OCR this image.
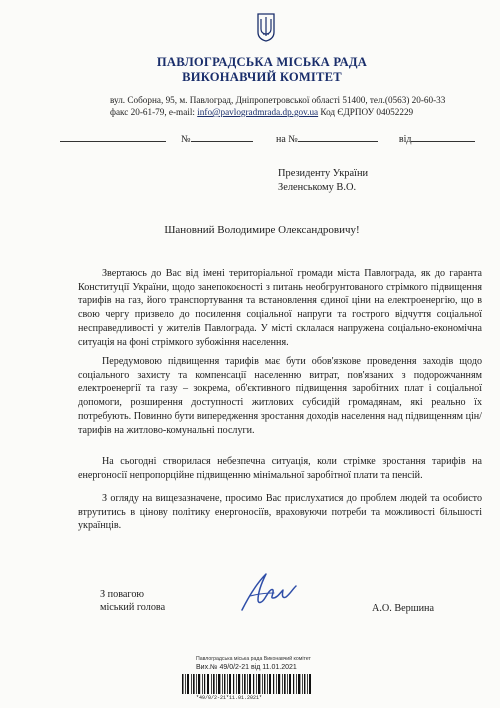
ПАВЛОГРАДСЬКА МІСЬКА РАДА
ВИКОНАВЧИЙ КОМІТЕТ
вул. Соборна, 95, м. Павлоград, Дніпропетровської області 51400, тел.(0563) 20-60-33
факс 20-61-79, e-mail: info@pavlogradmrada.dp.gov.ua Код ЄДРПОУ 04052229
№	на №	від
Президенту України
Зеленському В.О.
Шановний Володимире Олександровичу!

Звертаюсь до Вас від імені територіальної громади міста Павлограда, як до гаранта Конституції України, щодо занепокоєності з питань необгрунтованого стрімкого підвищення тарифів на газ, його транспортування та встановлення єдиної ціни на електроенергію, що в свою чергу призвело до посилення соціальної напруги та гострого відчуття соціальної несправедливості у жителів Павлограда. У місті склалася напружена соціально-економічна ситуація на фоні стрімкого зубожіння населення.

Передумовою підвищення тарифів має бути обов'язкове проведення заходів щодо соціального захисту та компенсації населенню витрат, пов'язаних з подорожчанням електроенергії та газу – зокрема, об'єктивного підвищення заробітних плат і соціальної допомоги, розширення доступності житлових субсидій громадянам, які реально їх потребують. Повинно бути випередження зростання доходів населення над підвищенням цін/тарифів на житлово-комунальні послуги.

На сьогодні створилася небезпечна ситуація, коли стрімке зростання тарифів на енергоносії непропорційне підвищенню мінімальної заробітної плати та пенсій.

З огляду на вищезазначене, просимо Вас прислухатися до проблем людей та особисто втрутитись в цінову політику енергоносіїв, враховуючи потреби та можливості більшості українців.

З повагою
міський голова	А.О. Вершина
Павлоградська міська рада Виконавчий комітет
Вих.№ 49/0/2-21 від 11.01.2021
*49/0/2-21*11.01.2021*
